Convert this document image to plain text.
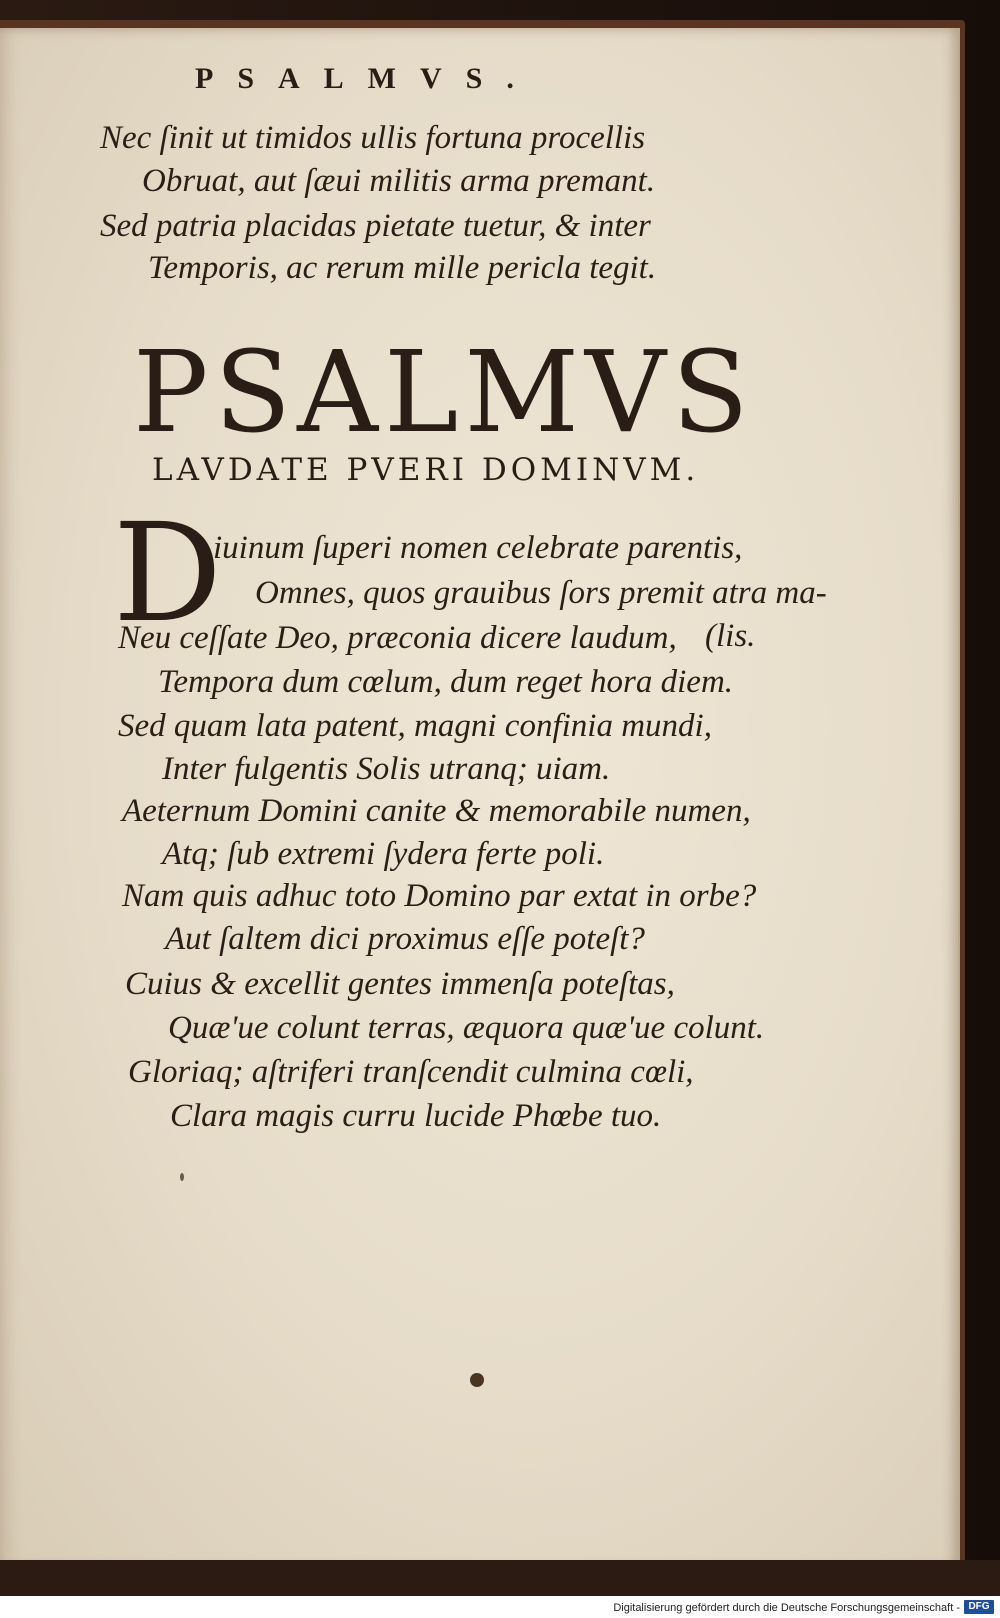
PSALMVS.
Nec ſinit ut timidos ullis fortuna procellis
Obruat, aut ſæui militis arma premant.
Sed patria placidas pietate tuetur, & inter
Temporis, ac rerum mille pericla tegit.
PSALMVS
LAVDATE PVERI DOMINVM.
D
iuinum ſuperi nomen celebrate parentis,
Omnes, quos grauibus ſors premit atra ma-
Neu ceſſate Deo, præconia dicere laudum, (lis.
Tempora dum cœlum, dum reget hora diem.
Sed quam lata patent, magni confinia mundi,
Inter fulgentis Solis utranq; uiam.
Aeternum Domini canite & memorabile numen,
Atq; ſub extremi ſydera ferte poli.
Nam quis adhuc toto Domino par extat in orbe?
Aut ſaltem dici proximus eſſe poteſt?
Cuius & excellit gentes immenſa poteſtas,
Quæ'ue colunt terras, æquora quæ'ue colunt.
Gloriaq; aſtriferi tranſcendit culmina cœli,
Clara magis curru lucide Phœbe tuo.
Digitalisierung gefördert durch die Deutsche Forschungsgemeinschaft - DFG
